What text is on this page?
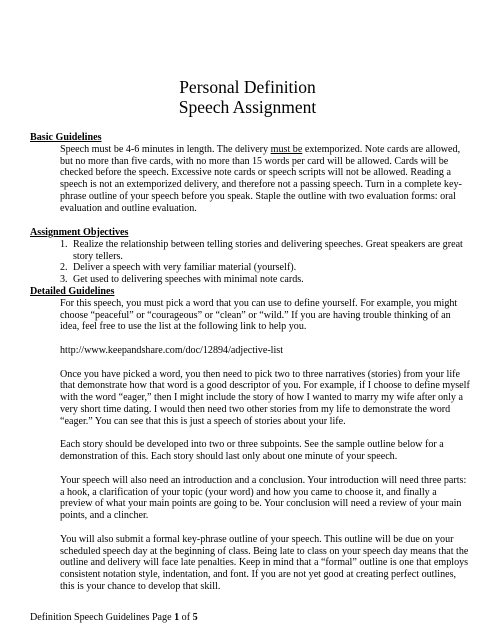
Personal Definition
Speech Assignment
Basic Guidelines

Speech must be 4-6 minutes in length. The delivery must be extemporized. Note cards are allowed, but no more than five cards, with no more than 15 words per card will be allowed. Cards will be checked before the speech. Excessive note cards or speech scripts will not be allowed. Reading a speech is not an extemporized delivery, and therefore not a passing speech. Turn in a complete key-phrase outline of your speech before you speak. Staple the outline with two evaluation forms: oral evaluation and outline evaluation.

Assignment Objectives
1. Realize the relationship between telling stories and delivering speeches. Great speakers are great story tellers.
2. Deliver a speech with very familiar material (yourself).
3. Get used to delivering speeches with minimal note cards.
Detailed Guidelines

For this speech, you must pick a word that you can use to define yourself. For example, you might choose “peaceful” or “courageous” or “clean” or “wild.” If you are having trouble thinking of an idea, feel free to use the list at the following link to help you.

http://www.keepandshare.com/doc/12894/adjective-list

Once you have picked a word, you then need to pick two to three narratives (stories) from your life that demonstrate how that word is a good descriptor of you. For example, if I choose to define myself with the word “eager,” then I might include the story of how I wanted to marry my wife after only a very short time dating. I would then need two other stories from my life to demonstrate the word “eager.” You can see that this is just a speech of stories about your life.

Each story should be developed into two or three subpoints. See the sample outline below for a demonstration of this. Each story should last only about one minute of your speech.

Your speech will also need an introduction and a conclusion. Your introduction will need three parts: a hook, a clarification of your topic (your word) and how you came to choose it, and finally a preview of what your main points are going to be. Your conclusion will need a review of your main points, and a clincher.

You will also submit a formal key-phrase outline of your speech. This outline will be due on your scheduled speech day at the beginning of class. Being late to class on your speech day means that the outline and delivery will face late penalties. Keep in mind that a “formal” outline is one that employs consistent notation style, indentation, and font. If you are not yet good at creating perfect outlines, this is your chance to develop that skill.

Definition Speech Guidelines Page 1 of 5
